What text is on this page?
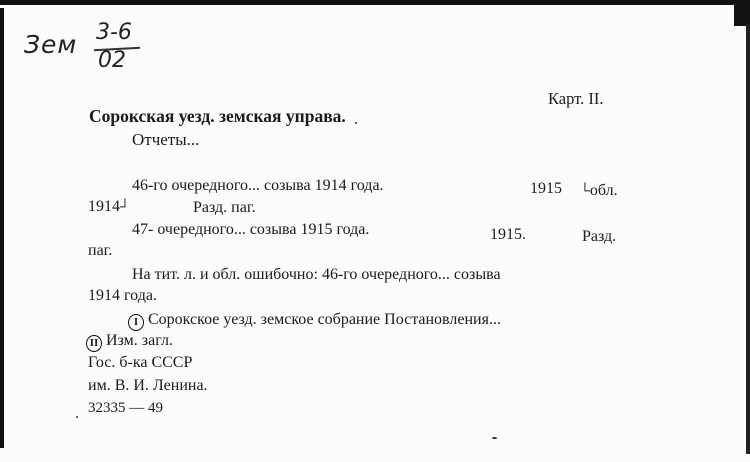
Зем 3-6
02
Карт. II.
Сорокская уезд. земская управа.
Отчеты...
46-го очередного... созыва 1914 года.	1915 └обл.
1914┘	Разд. паг.
47- очередного... созыва 1915 года.	1915.	Разд.
паг.
На тит. л. и обл. ошибочно: 46-го очередного... созыва
1914 года.
I Сорокское уезд. земское собрание Постановления...
II Изм. загл.
Гос. б-ка СССР
им. В. И. Ленина.
32335 — 49
